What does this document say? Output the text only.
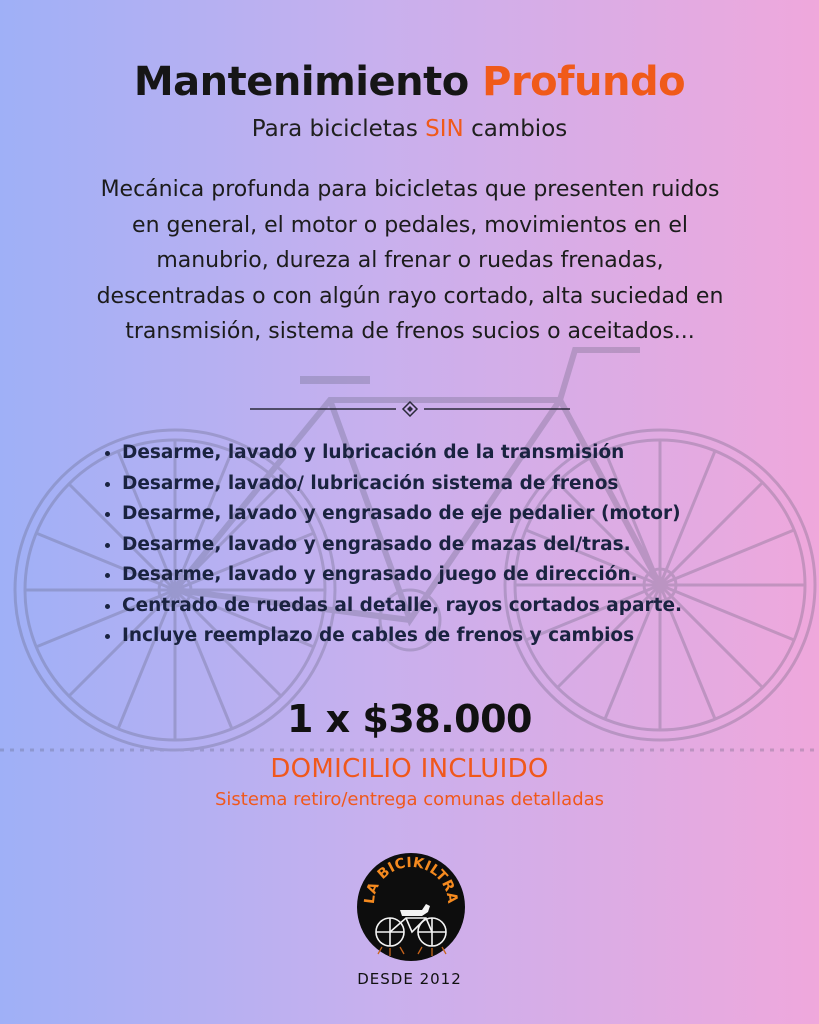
Mantenimiento Profundo
Para bicicletas SIN cambios
Mecánica profunda para bicicletas que presenten ruidos en general, el motor o pedales, movimientos en el manubrio, dureza al frenar o ruedas frenadas, descentradas o con algún rayo cortado, alta suciedad en transmisión, sistema de frenos sucios o aceitados...
• Desarme, lavado y lubricación de la transmisión
• Desarme, lavado/ lubricación sistema de frenos
• Desarme, lavado y engrasado de eje pedalier (motor)
• Desarme, lavado y engrasado de mazas del/tras.
• Desarme, lavado y engrasado juego de dirección.
• Centrado de ruedas al detalle, rayos cortados aparte.
• Incluye reemplazo de cables de frenos y cambios
1 x $38.000
DOMICILIO INCLUIDO
Sistema retiro/entrega comunas detalladas
LA BICIKILTRA
DESDE 2012
